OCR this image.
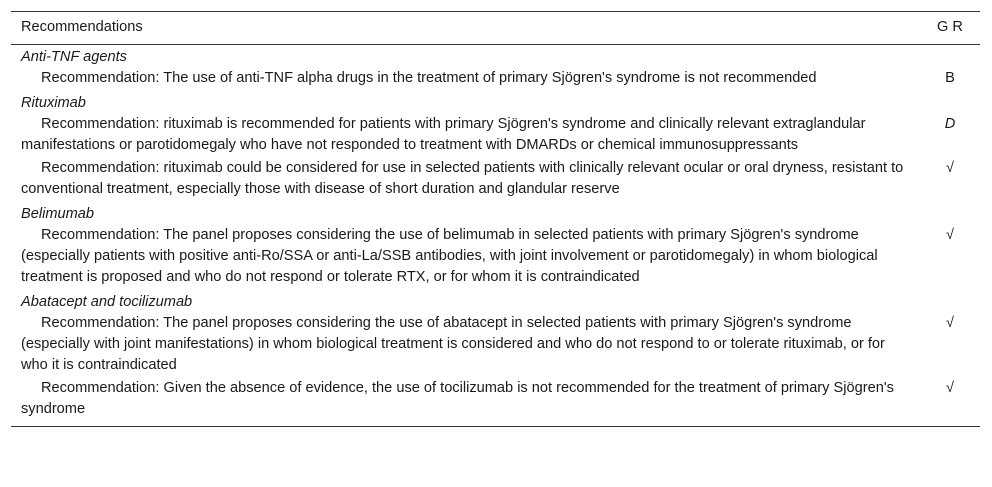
Recommendations	G R
Anti-TNF agents	
Recommendation: The use of anti-TNF alpha drugs in the treatment of primary Sjögren's syndrome is not recommended	B
Rituximab	
Recommendation: rituximab is recommended for patients with primary Sjögren's syndrome and clinically relevant extraglandular manifestations or parotidomegaly who have not responded to treatment with DMARDs or chemical immunosuppressants	D
Recommendation: rituximab could be considered for use in selected patients with clinically relevant ocular or oral dryness, resistant to conventional treatment, especially those with disease of short duration and glandular reserve	√
Belimumab	
Recommendation: The panel proposes considering the use of belimumab in selected patients with primary Sjögren's syndrome (especially patients with positive anti-Ro/SSA or anti-La/SSB antibodies, with joint involvement or parotidomegaly) in whom biological treatment is proposed and who do not respond or tolerate RTX, or for whom it is contraindicated	√
Abatacept and tocilizumab	
Recommendation: The panel proposes considering the use of abatacept in selected patients with primary Sjögren's syndrome (especially with joint manifestations) in whom biological treatment is considered and who do not respond to or tolerate rituximab, or for who it is contraindicated	√
Recommendation: Given the absence of evidence, the use of tocilizumab is not recommended for the treatment of primary Sjögren's syndrome	√
